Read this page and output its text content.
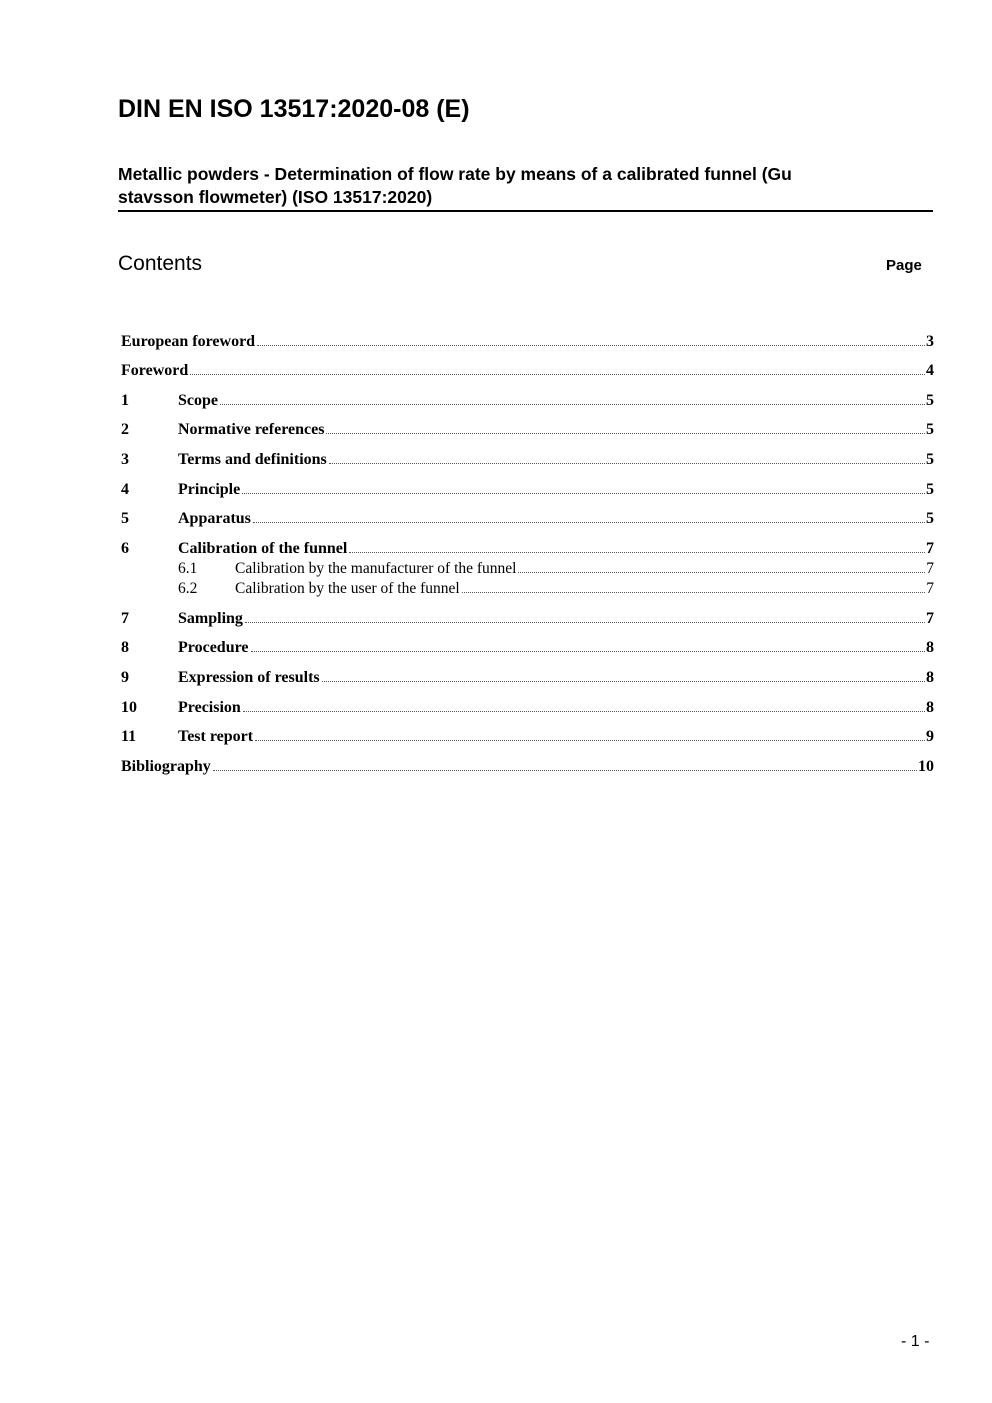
DIN EN ISO 13517:2020-08 (E)
Metallic powders - Determination of flow rate by means of a calibrated funnel (Gu
stavsson flowmeter) (ISO 13517:2020)
Contents	Page
European foreword	3
Foreword	4
1	Scope	5
2	Normative references	5
3	Terms and definitions	5
4	Principle	5
5	Apparatus	5
6	Calibration of the funnel	7
6.1	Calibration by the manufacturer of the funnel	7
6.2	Calibration by the user of the funnel	7
7	Sampling	7
8	Procedure	8
9	Expression of results	8
10	Precision	8
11	Test report	9
Bibliography	10
- 1 -
